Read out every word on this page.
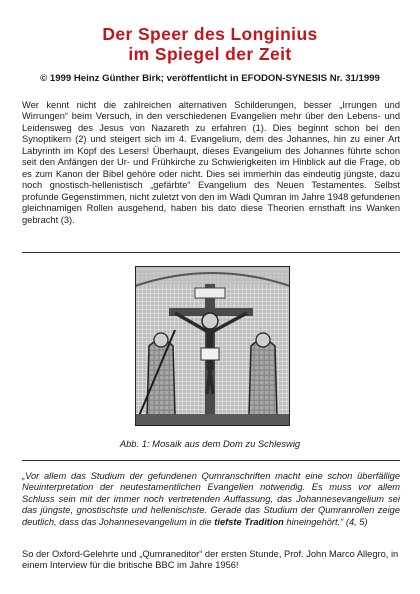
Der Speer des Longinius
im Spiegel der Zeit
© 1999 Heinz Günther Birk; veröffentlicht in EFODON-SYNESIS Nr. 31/1999

Wer kennt nicht die zahlreichen alternativen Schilderungen, besser „Irrungen und Wirrungen“ beim Versuch, in den verschiedenen Evangelien mehr über den Lebens- und Leidensweg des Jesus von Nazareth zu erfahren (1). Dies beginnt schon bei den Synoptikern (2) und steigert sich im 4. Evangelium, dem des Johannes, hin zu einer Art Labyrinth im Kopf des Lesers! Überhaupt, dieses Evangelium des Johannes führte schon seit den Anfängen der Ur- und Frühkirche zu Schwierigkeiten im Hinblick auf die Frage, ob es zum Kanon der Bibel gehöre oder nicht. Dies sei immerhin das eindeutig jüngste, dazu noch gnostisch-hellenistisch „gefärbte“ Evangelium des Neuen Testamentes. Selbst profunde Gegenstimmen, nicht zuletzt von den im Wadi Qumran im Jahre 1948 gefundenen gleichnamigen Rollen ausgehend, haben bis dato diese Theorien ernsthaft ins Wanken gebracht (3).

Abb. 1: Mosaik aus dem Dom zu Schleswig

„Vor allem das Studium der gefundenen Qumranschriften macht eine schon überfällige Neuinterpretation der neutestamentlichen Evangelien notwendig. Es muss vor allem Schluss sein mit der immer noch vertretenden Auffassung, das Johannesevangelium sei das jüngste, gnostischste und hellenischste. Gerade das Studium der Qumranrollen zeige deutlich, dass das Johannesevangelium in die tiefste Tradition hineingehört.“ (4, 5)

So der Oxford-Gelehrte und „Qumraneditor“ der ersten Stunde, Prof. John Marco Allegro, in einem Interview für die britische BBC im Jahre 1956!
